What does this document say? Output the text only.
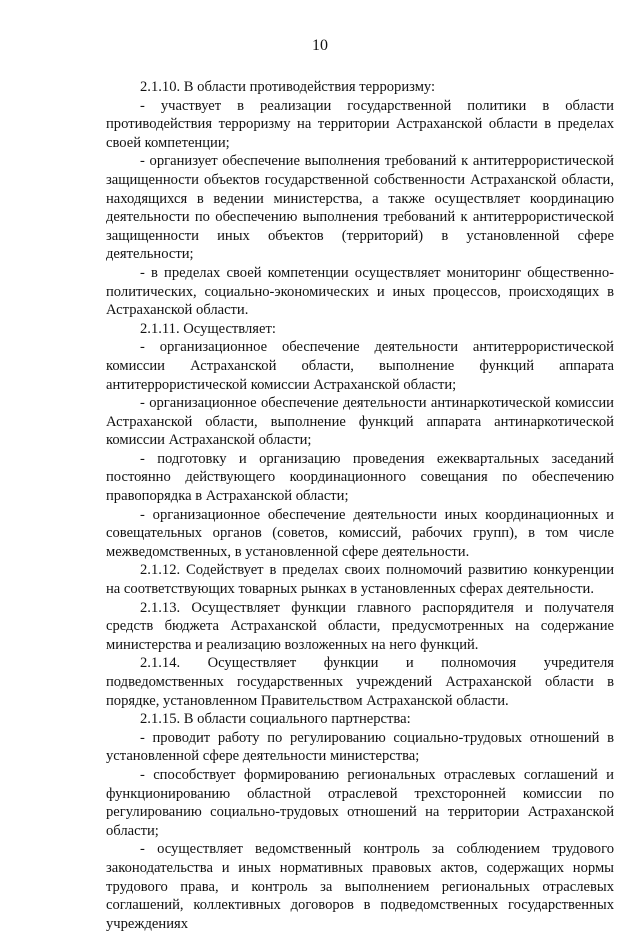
10

2.1.10. В области противодействия терроризму:

- участвует в реализации государственной политики в области противодействия терроризму на территории Астраханской области в пределах своей компетенции;

- организует обеспечение выполнения требований к антитеррористической защищенности объектов государственной собственности Астраханской области, находящихся в ведении министерства, а также осуществляет координацию деятельности по обеспечению выполнения требований к антитеррористической защищенности иных объектов (территорий) в установленной сфере деятельности;

- в пределах своей компетенции осуществляет мониторинг общественно-политических, социально-экономических и иных процессов, происходящих в Астраханской области.

2.1.11. Осуществляет:

- организационное обеспечение деятельности антитеррористической комиссии Астраханской области, выполнение функций аппарата антитеррористической комиссии Астраханской области;

- организационное обеспечение деятельности антинаркотической комиссии Астраханской области, выполнение функций аппарата антинаркотической комиссии Астраханской области;

- подготовку и организацию проведения ежеквартальных заседаний постоянно действующего координационного совещания по обеспечению правопорядка в Астраханской области;

- организационное обеспечение деятельности иных координационных и совещательных органов (советов, комиссий, рабочих групп), в том числе межведомственных, в установленной сфере деятельности.

2.1.12. Содействует в пределах своих полномочий развитию конкуренции на соответствующих товарных рынках в установленных сферах деятельности.

2.1.13. Осуществляет функции главного распорядителя и получателя средств бюджета Астраханской области, предусмотренных на содержание министерства и реализацию возложенных на него функций.

2.1.14. Осуществляет функции и полномочия учредителя подведомственных государственных учреждений Астраханской области в порядке, установленном Правительством Астраханской области.

2.1.15. В области социального партнерства:

- проводит работу по регулированию социально-трудовых отношений в установленной сфере деятельности министерства;

- способствует формированию региональных отраслевых соглашений и функционированию областной отраслевой трехсторонней комиссии по регулированию социально-трудовых отношений на территории Астраханской области;

- осуществляет ведомственный контроль за соблюдением трудового законодательства и иных нормативных правовых актов, содержащих нормы трудового права, и контроль за выполнением региональных отраслевых соглашений, коллективных договоров в подведомственных государственных учреждениях
